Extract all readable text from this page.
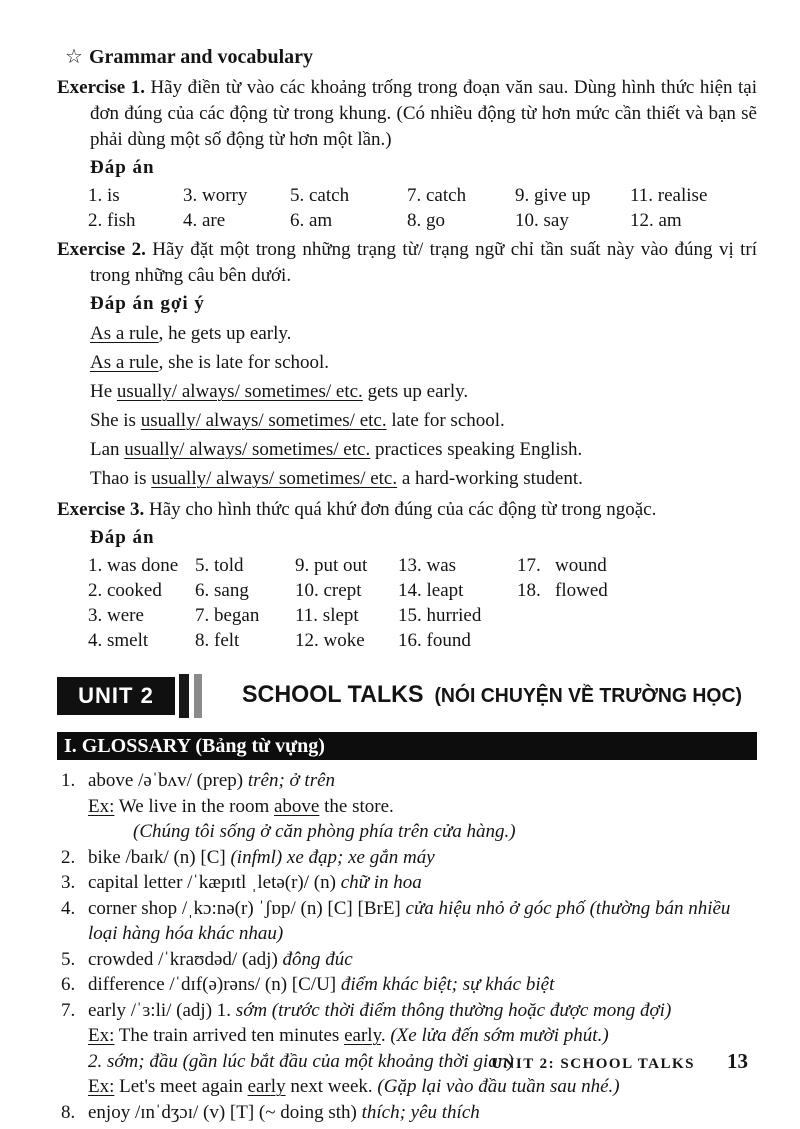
☆ Grammar and vocabulary

Exercise 1. Hãy điền từ vào các khoảng trống trong đoạn văn sau. Dùng hình thức hiện tại đơn đúng của các động từ trong khung. (Có nhiều động từ hơn mức cần thiết và bạn sẽ phải dùng một số động từ hơn một lần.)

Đáp án
1. is	3. worry	5. catch	7. catch	9. give up	11. realise
2. fish	4. are	6. am	8. go	10. say	12. am

Exercise 2. Hãy đặt một trong những trạng từ/ trạng ngữ chỉ tần suất này vào đúng vị trí trong những câu bên dưới.

Đáp án gợi ý
As a rule, he gets up early.
As a rule, she is late for school.
He usually/ always/ sometimes/ etc. gets up early.
She is usually/ always/ sometimes/ etc. late for school.
Lan usually/ always/ sometimes/ etc. practices speaking English.
Thao is usually/ always/ sometimes/ etc. a hard-working student.

Exercise 3. Hãy cho hình thức quá khứ đơn đúng của các động từ trong ngoặc.

Đáp án
1. was done 5. told	9. put out	13. was	17.   wound
2. cooked	6. sang	10. crept	14. leapt	18.   flowed
3. were	7. began	11. slept	15. hurried
4. smelt	8. felt	12. woke	16. found
UNIT 2	SCHOOL TALKS (NÓI CHUYỆN VỀ TRƯỜNG HỌC)
I. GLOSSARY (Bảng từ vựng)
1. above /əˈbʌv/ (prep) trên; ở trên
Ex: We live in the room above the store.
(Chúng tôi sống ở căn phòng phía trên cửa hàng.)
2. bike /baɪk/ (n) [C] (infml) xe đạp; xe gắn máy
3. capital letter /ˈkæpɪtl ˌletə(r)/ (n) chữ in hoa
4. corner shop /ˌkɔ:nə(r) ˈʃɒp/ (n) [C] [BrE] cửa hiệu nhỏ ở góc phố (thường bán nhiều loại hàng hóa khác nhau)
5. crowded /ˈkraʊdəd/ (adj) đông đúc
6. difference /ˈdɪf(ə)rəns/ (n) [C/U] điểm khác biệt; sự khác biệt
7. early /ˈɜ:li/ (adj) 1. sớm (trước thời điểm thông thường hoặc được mong đợi)
Ex: The train arrived ten minutes early. (Xe lửa đến sớm mười phút.)
2. sớm; đầu (gần lúc bắt đầu của một khoảng thời gian)
Ex: Let's meet again early next week. (Gặp lại vào đầu tuần sau nhé.)
8. enjoy /ɪnˈdʒɔɪ/ (v) [T] (~ doing sth) thích; yêu thích
UNIT 2: SCHOOL TALKS 13
